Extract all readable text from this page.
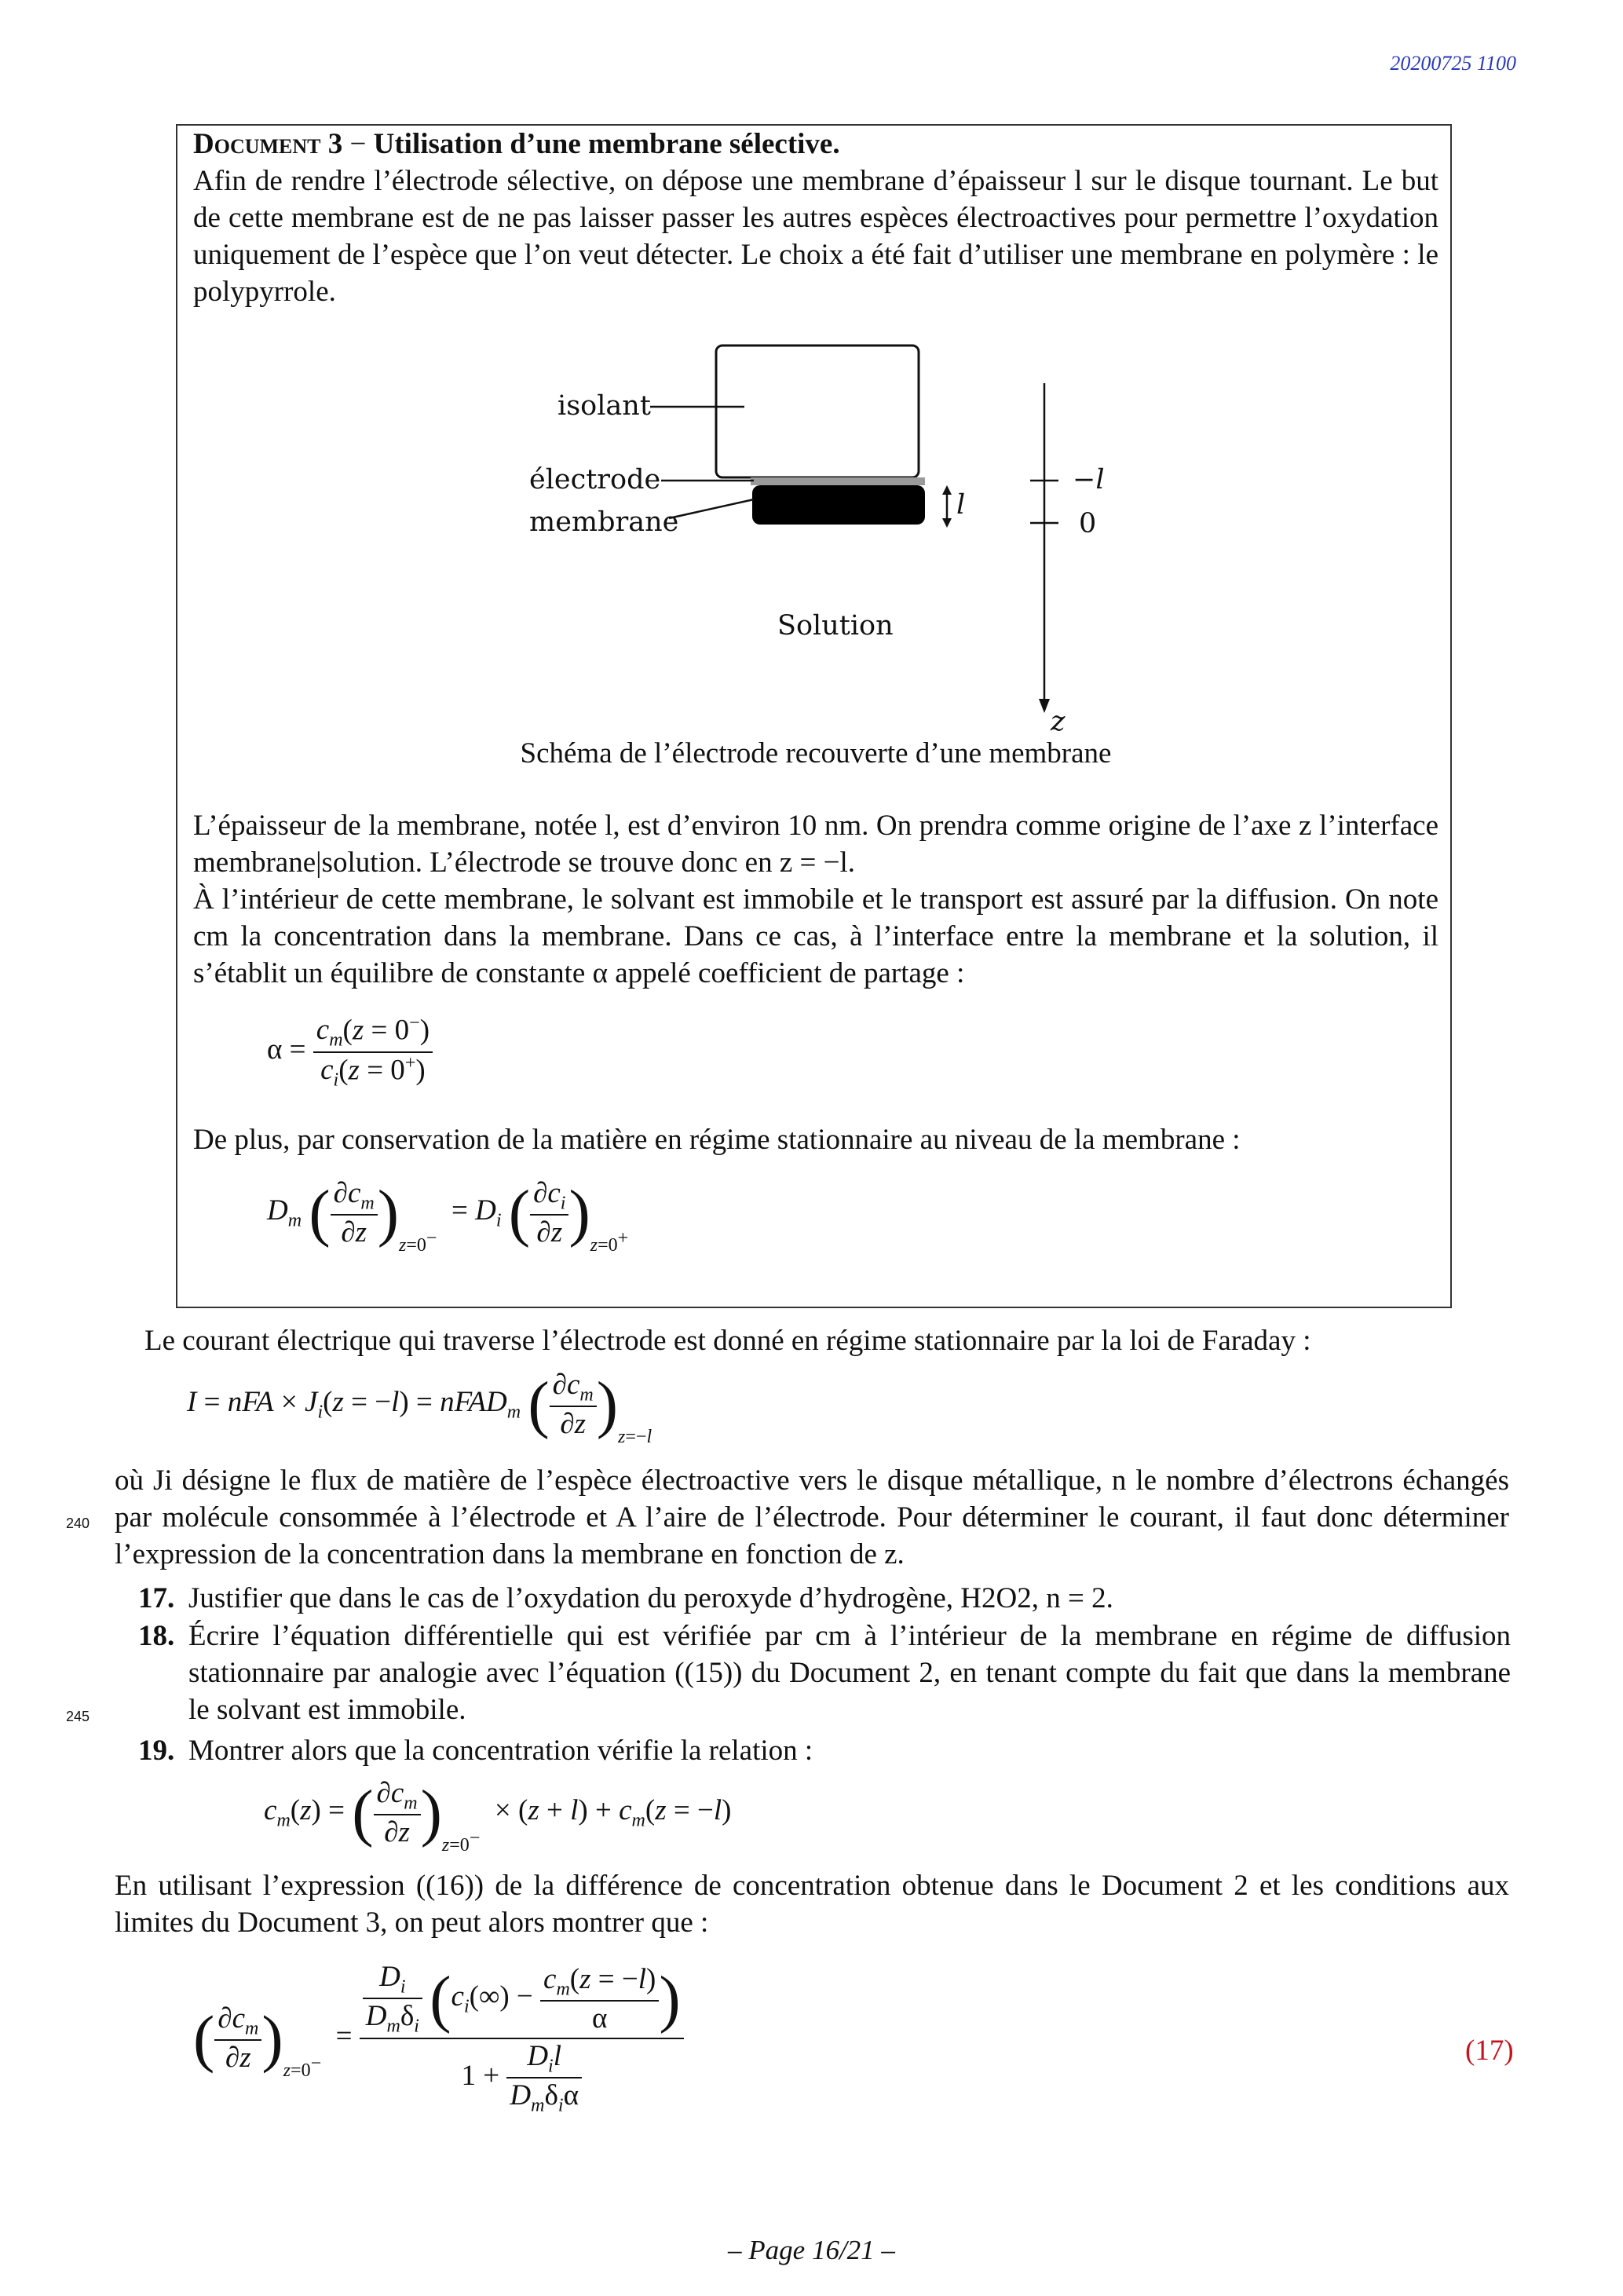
20200725 1100
Document 3 − Utilisation d’une membrane sélective.
Afin de rendre l’électrode sélective, on dépose une membrane d’épaisseur l sur le disque tournant. Le but de cette membrane est de ne pas laisser passer les autres espèces électroactives pour permettre l’oxydation uniquement de l’espèce que l’on veut détecter. Le choix a été fait d’utiliser une membrane en polymère : le polypyrrole.
isolant
électrode
membrane
l
Solution
−l
0
z
Schéma de l’électrode recouverte d’une membrane
L’épaisseur de la membrane, notée l, est d’environ 10 nm. On prendra comme origine de l’axe z l’interface membrane|solution. L’électrode se trouve donc en z = −l.
À l’intérieur de cette membrane, le solvant est immobile et le transport est assuré par la diffusion. On note cm la concentration dans la membrane. Dans ce cas, à l’interface entre la membrane et la solution, il s’établit un équilibre de constante α appelé coefficient de partage :
$\alpha = \frac{c_m(z = 0^-)}{c_i(z = 0^+)}$
De plus, par conservation de la matière en régime stationnaire au niveau de la membrane :
$D_m$ ( $\frac{\partial c_m}{\partial z} )_{z=0^-} = D_i$ ( $\frac{\partial c_i}{\partial z} )_{z=0^+}$
Le courant électrique qui traverse l’électrode est donné en régime stationnaire par la loi de Faraday :
I = nFA × $J_i(z = -l)$ = nFAD$_m$ ( $\frac{\partial c_m}{\partial z} )_{z=-l}$
240
où Ji désigne le flux de matière de l’espèce électroactive vers le disque métallique, n le nombre d’électrons échangés par molécule consommée à l’électrode et A l’aire de l’électrode. Pour déterminer le courant, il faut donc déterminer l’expression de la concentration dans la membrane en fonction de z.
17. Justifier que dans le cas de l’oxydation du peroxyde d’hydrogène, H2O2, n = 2.
18. Écrire l’équation différentielle qui est vérifiée par cm à l’intérieur de la membrane en régime de diffusion stationnaire par analogie avec l’équation ((15)) du Document 2, en tenant compte du fait que dans la membrane le solvant est immobile.
245
19. Montrer alors que la concentration vérifie la relation :
$c_m(z)$ = ( $\frac{\partial c_m}{\partial z} )_{z=0^-} \times (z + l) + c_m(z = -l)$
En utilisant l’expression ((16)) de la différence de concentration obtenue dans le Document 2 et les conditions aux limites du Document 3, on peut alors montrer que :
( $\frac{\partial c_m}{\partial z} )_{z=0^-} = \frac{\frac{D_i}{D_m\delta_i} (c_i(\infty) - \frac{c_m(z = -l)}{\alpha} )}{1 + \frac{D_il}{D_m\delta_i\alpha}}$	(17)
– Page 16/21 –
